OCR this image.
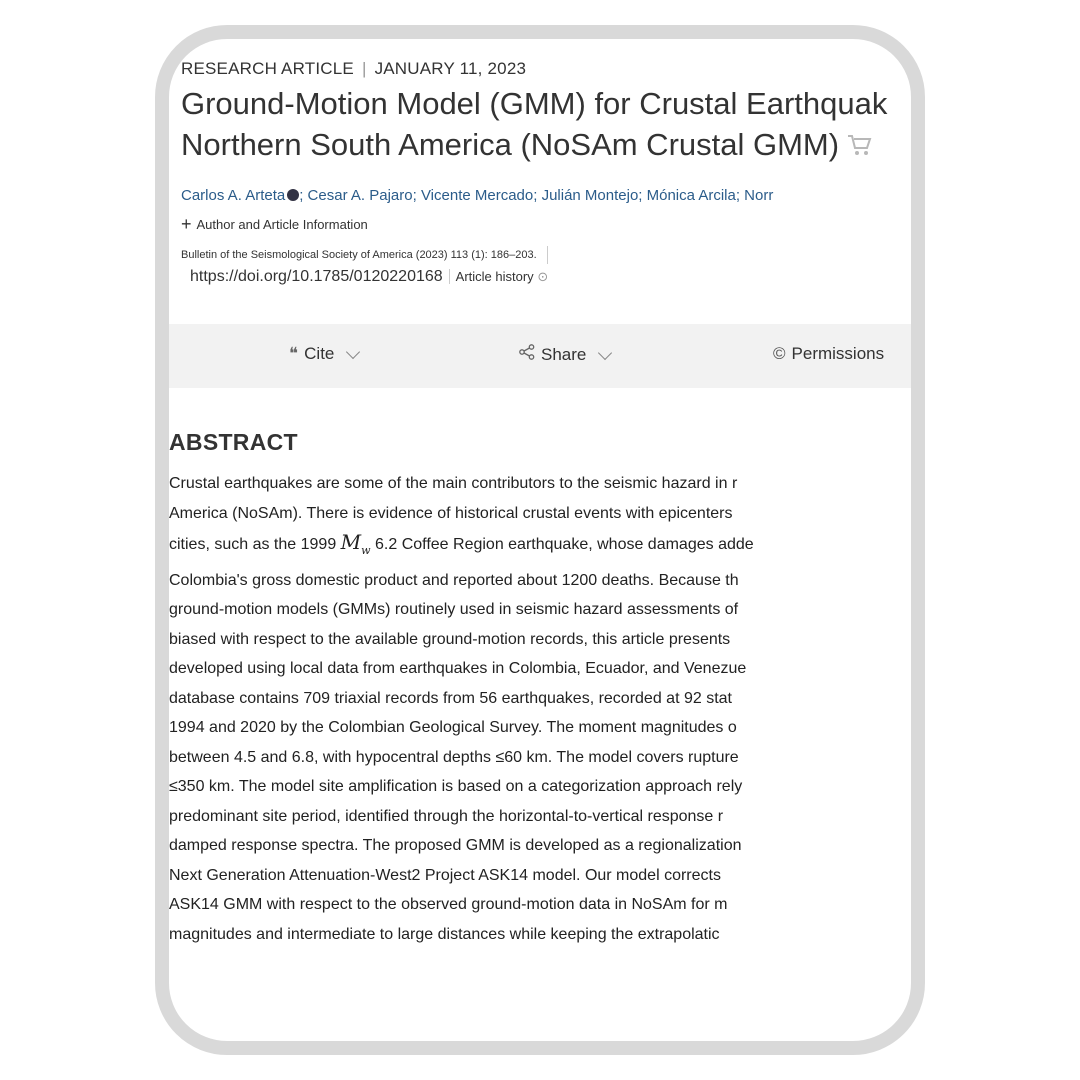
RESEARCH ARTICLE | JANUARY 11, 2023

Ground-Motion Model (GMM) for Crustal Earthquak
Northern South America (NoSAm Crustal GMM)
Carlos A. Arteta ; Cesar A. Pajaro; Vicente Mercado; Julián Montejo; Mónica Arcila; Norr
+ Author and Article Information
Bulletin of the Seismological Society of America (2023) 113 (1): 186–203.
https://doi.org/10.1785/0120220168 Article history ⊙
❝ Cite	Share	© Permissions
ABSTRACT

Crustal earthquakes are some of the main contributors to the seismic hazard in r

America (NoSAm). There is evidence of historical crustal events with epicenters

cities, such as the 1999 $M_w$ 6.2 Coffee Region earthquake, whose damages adde

Colombia's gross domestic product and reported about 1200 deaths. Because th

ground-motion models (GMMs) routinely used in seismic hazard assessments of

biased with respect to the available ground-motion records, this article presents

developed using local data from earthquakes in Colombia, Ecuador, and Venezue

database contains 709 triaxial records from 56 earthquakes, recorded at 92 stat

1994 and 2020 by the Colombian Geological Survey. The moment magnitudes o

between 4.5 and 6.8, with hypocentral depths ≤60 km. The model covers rupture

≤350 km. The model site amplification is based on a categorization approach rely

predominant site period, identified through the horizontal-to-vertical response r

damped response spectra. The proposed GMM is developed as a regionalization

Next Generation Attenuation-West2 Project ASK14 model. Our model corrects

ASK14 GMM with respect to the observed ground-motion data in NoSAm for m

magnitudes and intermediate to large distances while keeping the extrapolatic
